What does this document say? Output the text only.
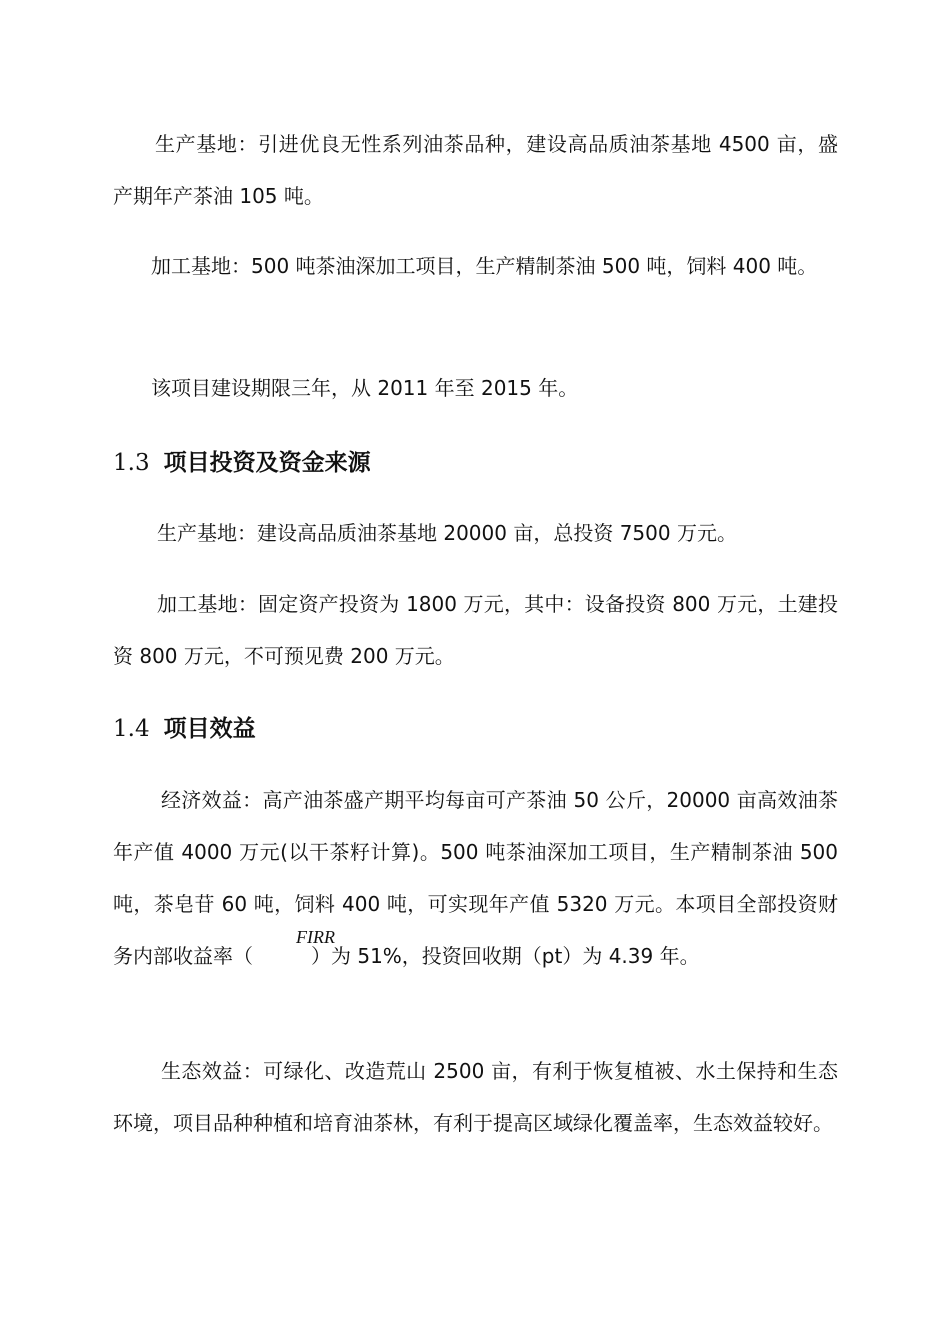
生产基地：引进优良无性系列油茶品种，建设高品质油茶基地 4500 亩，盛产期年产茶油 105 吨。

加工基地：500 吨茶油深加工项目，生产精制茶油 500 吨，饲料 400 吨。

该项目建设期限三年，从 2011 年至 2015 年。

1.3 项目投资及资金来源

生产基地：建设高品质油茶基地 20000 亩，总投资 7500 万元。

加工基地：固定资产投资为 1800 万元，其中：设备投资 800 万元，土建投资 800 万元，不可预见费 200 万元。

1.4 项目效益

经济效益：高产油茶盛产期平均每亩可产茶油 50 公斤，20000 亩高效油茶年产值 4000 万元(以干茶籽计算)。500 吨茶油深加工项目，生产精制茶油 500 吨，茶皂苷 60 吨，饲料 400 吨，可实现年产值 5320 万元。本项目全部投资财务内部收益率（
FIRR
）为 51%，投资回收期（pt）为 4.39 年。

生态效益：可绿化、改造荒山 2500 亩，有利于恢复植被、水土保持和生态环境，项目品种种植和培育油茶林，有利于提高区域绿化覆盖率，生态效益较好。
